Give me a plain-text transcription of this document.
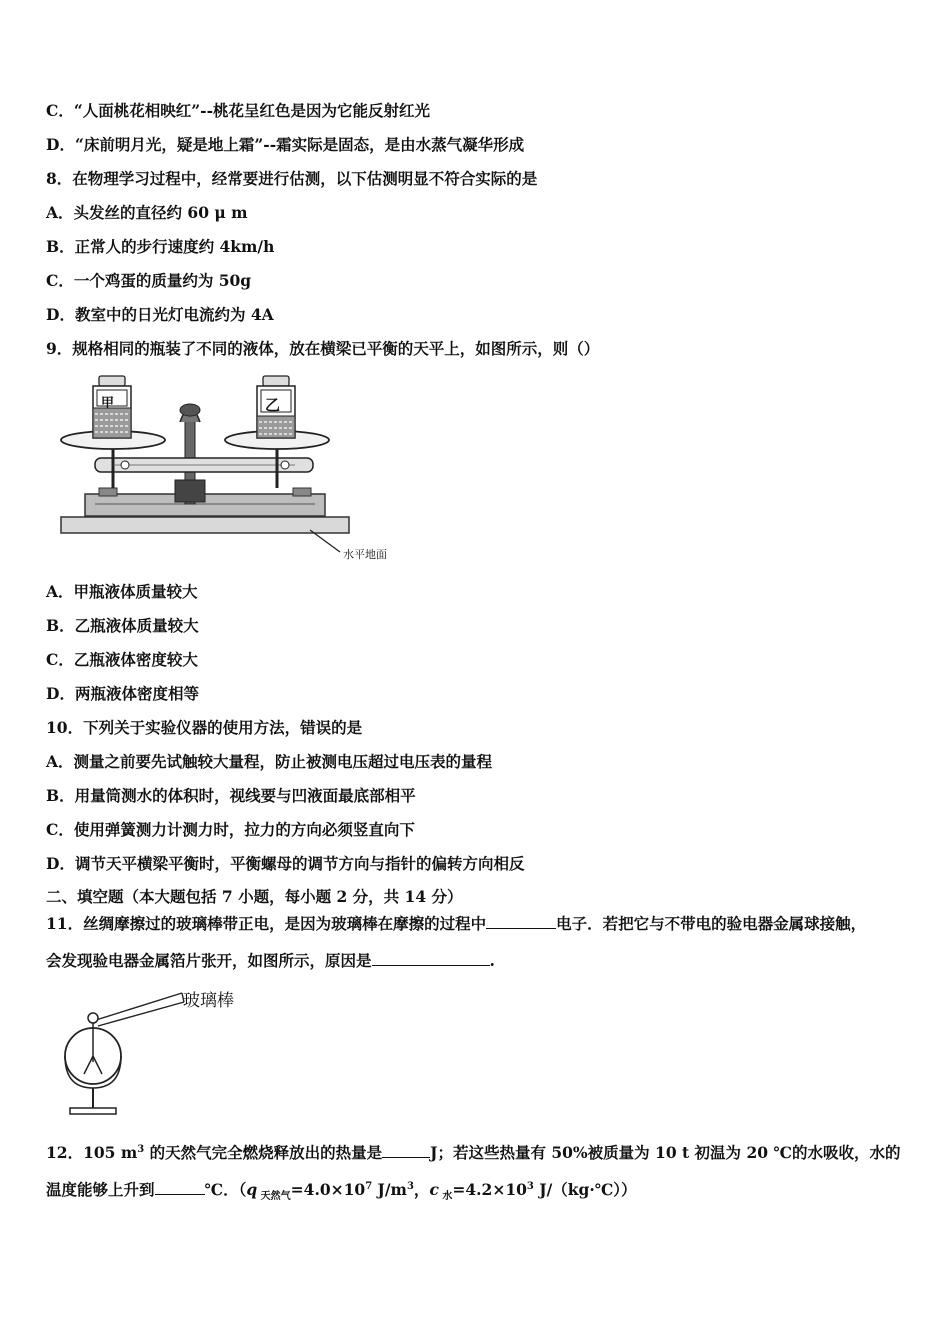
C．“人面桃花相映红”--桃花呈红色是因为它能反射红光
D．“床前明月光，疑是地上霜”--霜实际是固态，是由水蒸气凝华形成
8．在物理学习过程中，经常要进行估测，以下估测明显不符合实际的是
A．头发丝的直径约 60 μ m
B．正常人的步行速度约 4km/h
C．一个鸡蛋的质量约为 50g
D．教室中的日光灯电流约为 4A
9．规格相同的瓶装了不同的液体，放在横梁已平衡的天平上，如图所示，则（）
甲	乙
水平地面
A．甲瓶液体质量较大
B．乙瓶液体质量较大
C．乙瓶液体密度较大
D．两瓶液体密度相等
10．下列关于实验仪器的使用方法，错误的是
A．测量之前要先试触较大量程，防止被测电压超过电压表的量程
B．用量筒测水的体积时，视线要与凹液面最底部相平
C．使用弹簧测力计测力时，拉力的方向必须竖直向下
D．调节天平横梁平衡时，平衡螺母的调节方向与指针的偏转方向相反
二、填空题（本大题包括 7 小题，每小题 2 分，共 14 分）
11．丝绸摩擦过的玻璃棒带正电，是因为玻璃棒在摩擦的过程中	电子．若把它与不带电的验电器金属球接触，
会发现验电器金属箔片张开，如图所示，原因是	.
玻璃棒
12．105 $m^3$ 的天然气完全燃烧释放出的热量是	J；若这些热量有 50%被质量为 10 t 初温为 20 ℃的水吸收，水的
温度能够上升到	℃．（q $_{天然气}=4.0\times 10^7$ $J/m^3$，c $_水=4.2\times 10^3$ J/（kg·℃））
